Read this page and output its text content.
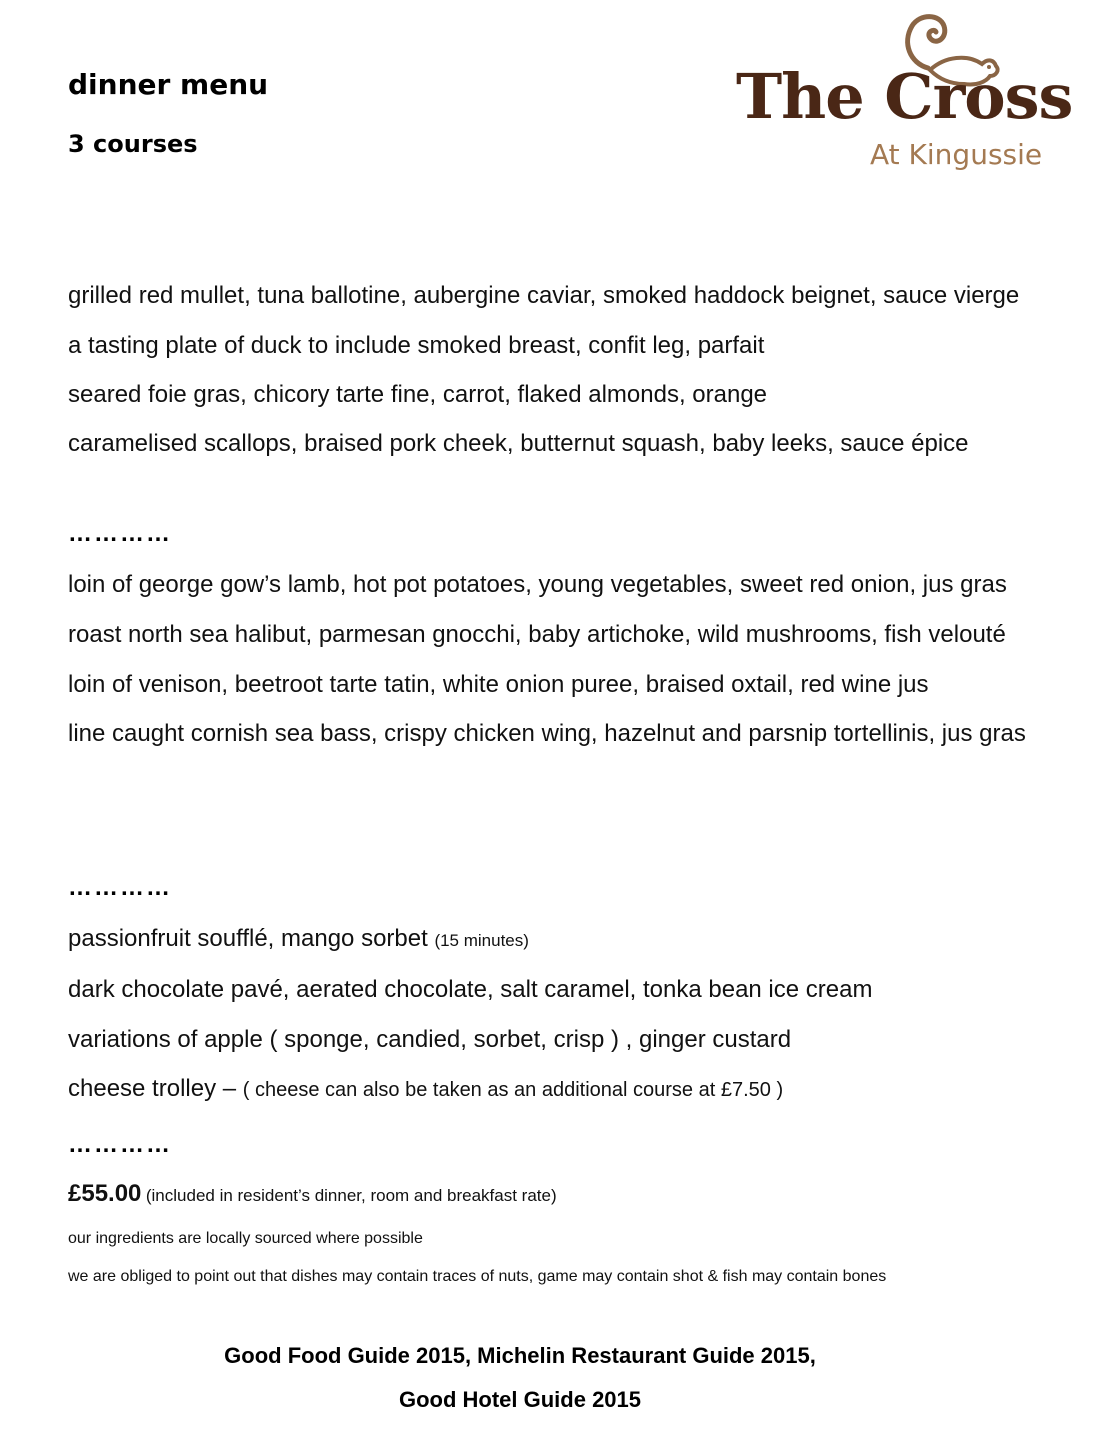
dinner menu
3 courses
The Cross
At Kingussie

grilled red mullet, tuna ballotine, aubergine caviar, smoked haddock beignet, sauce vierge

a tasting plate of duck to include smoked breast, confit leg, parfait

seared foie gras, chicory tarte fine, carrot, flaked almonds, orange

caramelised scallops, braised pork cheek, butternut squash, baby leeks, sauce épice

…………

loin of george gow’s lamb, hot pot potatoes, young vegetables, sweet red onion, jus gras

roast north sea halibut, parmesan gnocchi, baby artichoke, wild mushrooms, fish velouté

loin of venison, beetroot tarte tatin, white onion puree, braised oxtail, red wine jus

line caught cornish sea bass, crispy chicken wing, hazelnut and parsnip tortellinis, jus gras

…………

passionfruit soufflé, mango sorbet (15 minutes)

dark chocolate pavé, aerated chocolate, salt caramel, tonka bean ice cream

variations of apple ( sponge, candied, sorbet, crisp ) , ginger custard

cheese trolley – ( cheese can also be taken as an additional course at £7.50 )

…………

£55.00 (included in resident’s dinner, room and breakfast rate)
our ingredients are locally sourced where possible
we are obliged to point out that dishes may contain traces of nuts, game may contain shot & fish may contain bones
Good Food Guide 2015, Michelin Restaurant Guide 2015,
Good Hotel Guide 2015
